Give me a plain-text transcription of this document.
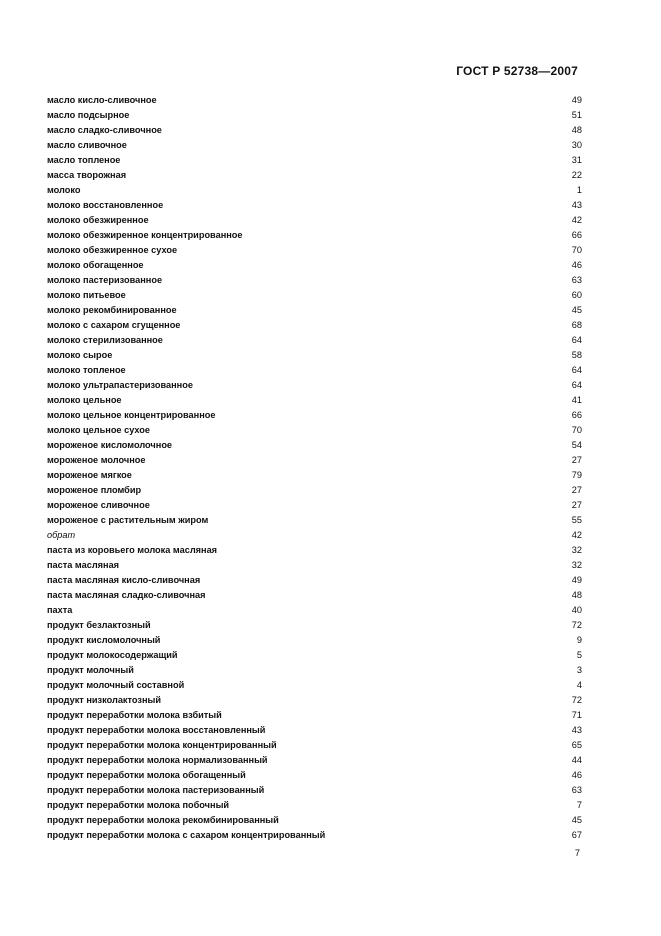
ГОСТ Р 52738—2007
масло кисло-сливочное	49
масло подсырное	51
масло сладко-сливочное	48
масло сливочное	30
масло топленое	31
масса творожная	22
молоко	1
молоко восстановленное	43
молоко обезжиренное	42
молоко обезжиренное концентрированное	66
молоко обезжиренное сухое	70
молоко обогащенное	46
молоко пастеризованное	63
молоко питьевое	60
молоко рекомбинированное	45
молоко с сахаром сгущенное	68
молоко стерилизованное	64
молоко сырое	58
молоко топленое	64
молоко ультрапастеризованное	64
молоко цельное	41
молоко цельное концентрированное	66
молоко цельное сухое	70
мороженое кисломолочное	54
мороженое молочное	27
мороженое мягкое	79
мороженое пломбир	27
мороженое сливочное	27
мороженое с растительным жиром	55
обрат	42
паста из коровьего молока масляная	32
паста масляная	32
паста масляная кисло-сливочная	49
паста масляная сладко-сливочная	48
пахта	40
продукт безлактозный	72
продукт кисломолочный	9
продукт молокосодержащий	5
продукт молочный	3
продукт молочный составной	4
продукт низколактозный	72
продукт переработки молока взбитый	71
продукт переработки молока восстановленный	43
продукт переработки молока концентрированный	65
продукт переработки молока нормализованный	44
продукт переработки молока обогащенный	46
продукт переработки молока пастеризованный	63
продукт переработки молока побочный	7
продукт переработки молока рекомбинированный	45
продукт переработки молока с сахаром концентрированный	67
7
